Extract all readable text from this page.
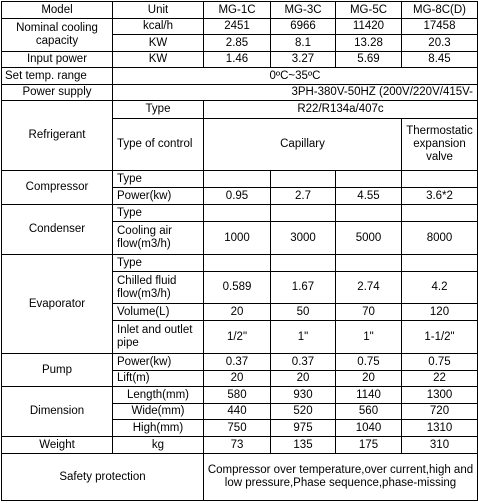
Model	Unit	MG-1C	MG-3C	MG-5C	MG-8C(D)
Nominal cooling
capacity	kcal/h	2451	6966	11420	17458
	KW	2.85	8.1	13.28	20.3
Input power	KW	1.46	3.27	5.69	8.45
Set temp. range	0ºC~35ºC				
Power supply	3PH-380V-50HZ (200V/220V/415V-				
Refrigerant	Type	R22/R134a/407c			
	Type of control	Capillary			Thermostatic expansion valve
Compressor	Type				
	Power(kw)	0.95	2.7	4.55	3.6*2
Condenser	Type				
	Cooling air flow(m3/h)	1000	3000	5000	8000
Evaporator	Type				
	Chilled fluid flow(m3/h)	0.589	1.67	2.74	4.2
	Volume(L)	20	50	70	120
	Inlet and outlet pipe	1/2"	1"	1"	1-1/2"
Pump	Power(kw)	0.37	0.37	0.75	0.75
	Lift(m)	20	20	20	22
Dimension	Length(mm)	580	930	1140	1300
	Wide(mm)	440	520	560	720
	High(mm)	750	975	1040	1310
Weight	kg	73	135	175	310
Safety protection		Compressor over temperature,over current,high and low pressure,Phase sequence,phase-missing			
